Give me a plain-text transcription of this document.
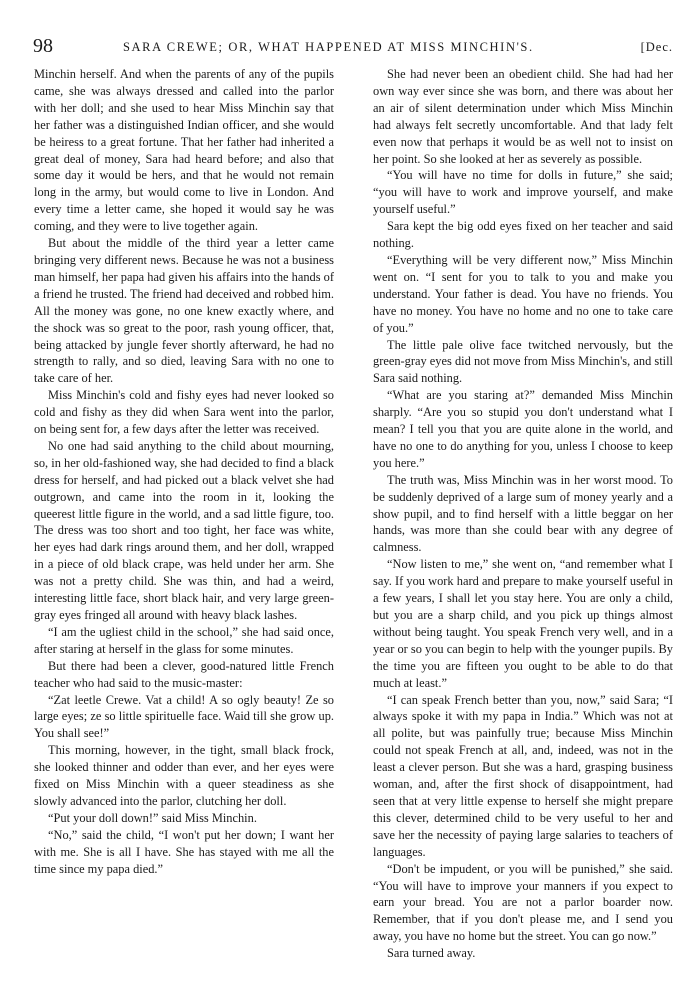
98	SARA CREWE; OR, WHAT HAPPENED AT MISS MINCHIN'S.	[Dec.

Minchin herself. And when the parents of any of the pupils came, she was always dressed and called into the parlor with her doll; and she used to hear Miss Minchin say that her father was a distinguished Indian officer, and she would be heiress to a great fortune. That her father had inherited a great deal of money, Sara had heard before; and also that some day it would be hers, and that he would not remain long in the army, but would come to live in London. And every time a letter came, she hoped it would say he was coming, and they were to live together again.

But about the middle of the third year a letter came bringing very different news. Because he was not a business man himself, her papa had given his affairs into the hands of a friend he trusted. The friend had deceived and robbed him. All the money was gone, no one knew exactly where, and the shock was so great to the poor, rash young officer, that, being attacked by jungle fever shortly afterward, he had no strength to rally, and so died, leaving Sara with no one to take care of her.

Miss Minchin's cold and fishy eyes had never looked so cold and fishy as they did when Sara went into the parlor, on being sent for, a few days after the letter was received.

No one had said anything to the child about mourning, so, in her old-fashioned way, she had decided to find a black dress for herself, and had picked out a black velvet she had outgrown, and came into the room in it, looking the queerest little figure in the world, and a sad little figure, too. The dress was too short and too tight, her face was white, her eyes had dark rings around them, and her doll, wrapped in a piece of old black crape, was held under her arm. She was not a pretty child. She was thin, and had a weird, interesting little face, short black hair, and very large green-gray eyes fringed all around with heavy black lashes.

“I am the ugliest child in the school,” she had said once, after staring at herself in the glass for some minutes.

But there had been a clever, good-natured little French teacher who had said to the music-master:

“Zat leetle Crewe. Vat a child! A so ogly beauty! Ze so large eyes; ze so little spirituelle face. Waid till she grow up. You shall see!”

This morning, however, in the tight, small black frock, she looked thinner and odder than ever, and her eyes were fixed on Miss Minchin with a queer steadiness as she slowly advanced into the parlor, clutching her doll.

“Put your doll down!” said Miss Minchin.

“No,” said the child, “I won't put her down; I want her with me. She is all I have. She has stayed with me all the time since my papa died.”

She had never been an obedient child. She had had her own way ever since she was born, and there was about her an air of silent determination under which Miss Minchin had always felt secretly uncomfortable. And that lady felt even now that perhaps it would be as well not to insist on her point. So she looked at her as severely as possible.

“You will have no time for dolls in future,” she said; “you will have to work and improve yourself, and make yourself useful.”

Sara kept the big odd eyes fixed on her teacher and said nothing.

“Everything will be very different now,” Miss Minchin went on. “I sent for you to talk to you and make you understand. Your father is dead. You have no friends. You have no money. You have no home and no one to take care of you.”

The little pale olive face twitched nervously, but the green-gray eyes did not move from Miss Minchin's, and still Sara said nothing.

“What are you staring at?” demanded Miss Minchin sharply. “Are you so stupid you don't understand what I mean? I tell you that you are quite alone in the world, and have no one to do anything for you, unless I choose to keep you here.”

The truth was, Miss Minchin was in her worst mood. To be suddenly deprived of a large sum of money yearly and a show pupil, and to find herself with a little beggar on her hands, was more than she could bear with any degree of calmness.

“Now listen to me,” she went on, “and remember what I say. If you work hard and prepare to make yourself useful in a few years, I shall let you stay here. You are only a child, but you are a sharp child, and you pick up things almost without being taught. You speak French very well, and in a year or so you can begin to help with the younger pupils. By the time you are fifteen you ought to be able to do that much at least.”

“I can speak French better than you, now,” said Sara; “I always spoke it with my papa in India.” Which was not at all polite, but was painfully true; because Miss Minchin could not speak French at all, and, indeed, was not in the least a clever person. But she was a hard, grasping business woman, and, after the first shock of disappointment, had seen that at very little expense to herself she might prepare this clever, determined child to be very useful to her and save her the necessity of paying large salaries to teachers of languages.

“Don't be impudent, or you will be punished,” she said. “You will have to improve your manners if you expect to earn your bread. You are not a parlor boarder now. Remember, that if you don't please me, and I send you away, you have no home but the street. You can go now.”

Sara turned away.
